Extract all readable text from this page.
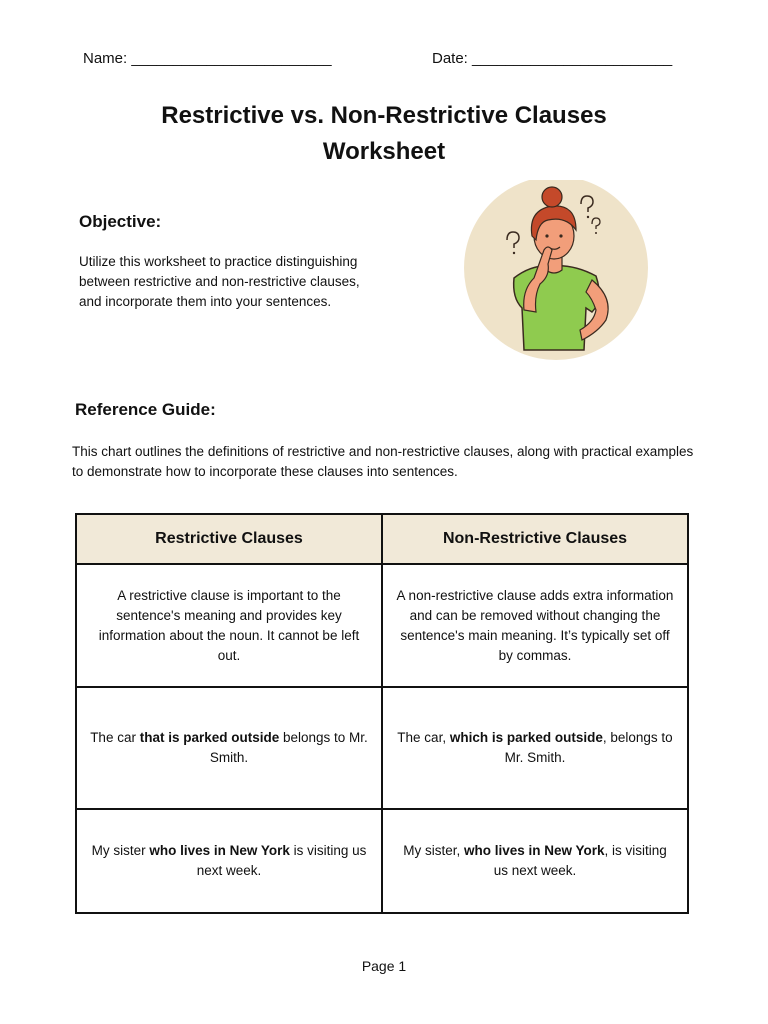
Name: ________________________	Date: ________________________
Restrictive vs. Non-Restrictive Clauses
Worksheet
Objective:
Utilize this worksheet to practice distinguishing between restrictive and non-restrictive clauses, and incorporate them into your sentences.
Reference Guide:
This chart outlines the definitions of restrictive and non-restrictive clauses, along with practical examples to demonstrate how to incorporate these clauses into sentences.
Restrictive Clauses	Non-Restrictive Clauses
A restrictive clause is important to the sentence's meaning and provides key information about the noun. It cannot be left out.	A non-restrictive clause adds extra information and can be removed without changing the sentence's main meaning. It’s typically set off by commas.
The car that is parked outside belongs to Mr. Smith.	The car, which is parked outside, belongs to Mr. Smith.
My sister who lives in New York is visiting us next week.	My sister, who lives in New York, is visiting us next week.
Page 1
